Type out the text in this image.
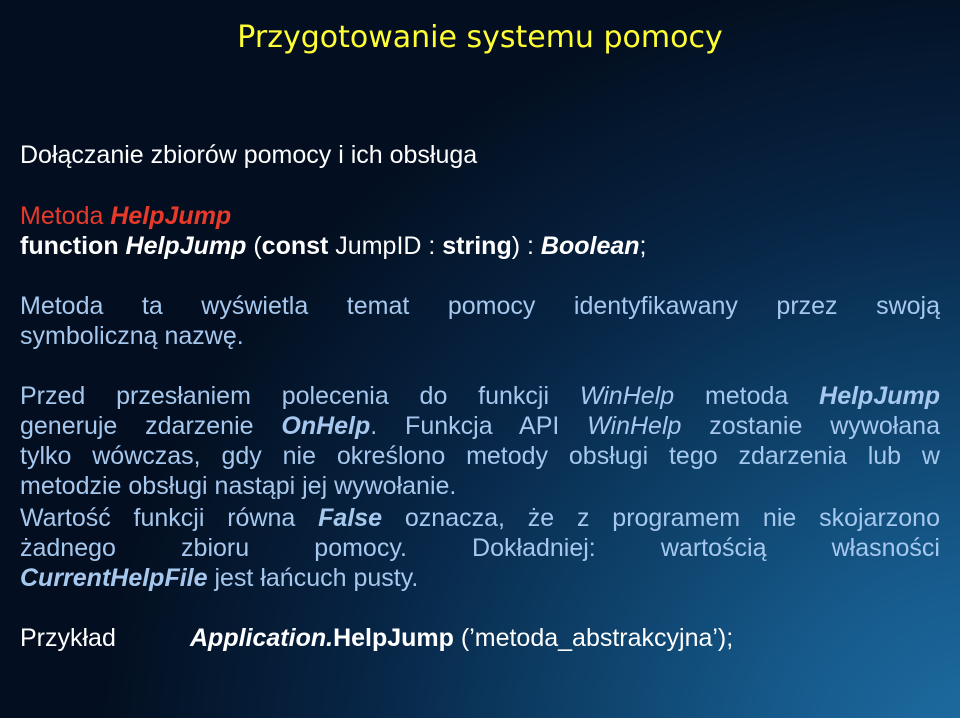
Przygotowanie systemu pomocy
Dołączanie zbiorów pomocy i ich obsługa
Metoda HelpJump
function HelpJump (const JumpID : string) : Boolean;
Metoda ta wyświetla temat pomocy identyfikawany przez swoją
symboliczną nazwę.
Przed przesłaniem polecenia do funkcji WinHelp metoda HelpJump
generuje zdarzenie OnHelp. Funkcja API WinHelp zostanie wywołana
tylko wówczas, gdy nie określono metody obsługi tego zdarzenia lub w
metodzie obsługi nastąpi jej wywołanie.
Wartość funkcji równa False oznacza, że z programem nie skojarzono
żadnego zbioru pomocy. Dokładniej: wartością własności
CurrentHelpFile jest łańcuch pusty.
Przykład	Application.HelpJump (’metoda_abstrakcyjna’);
